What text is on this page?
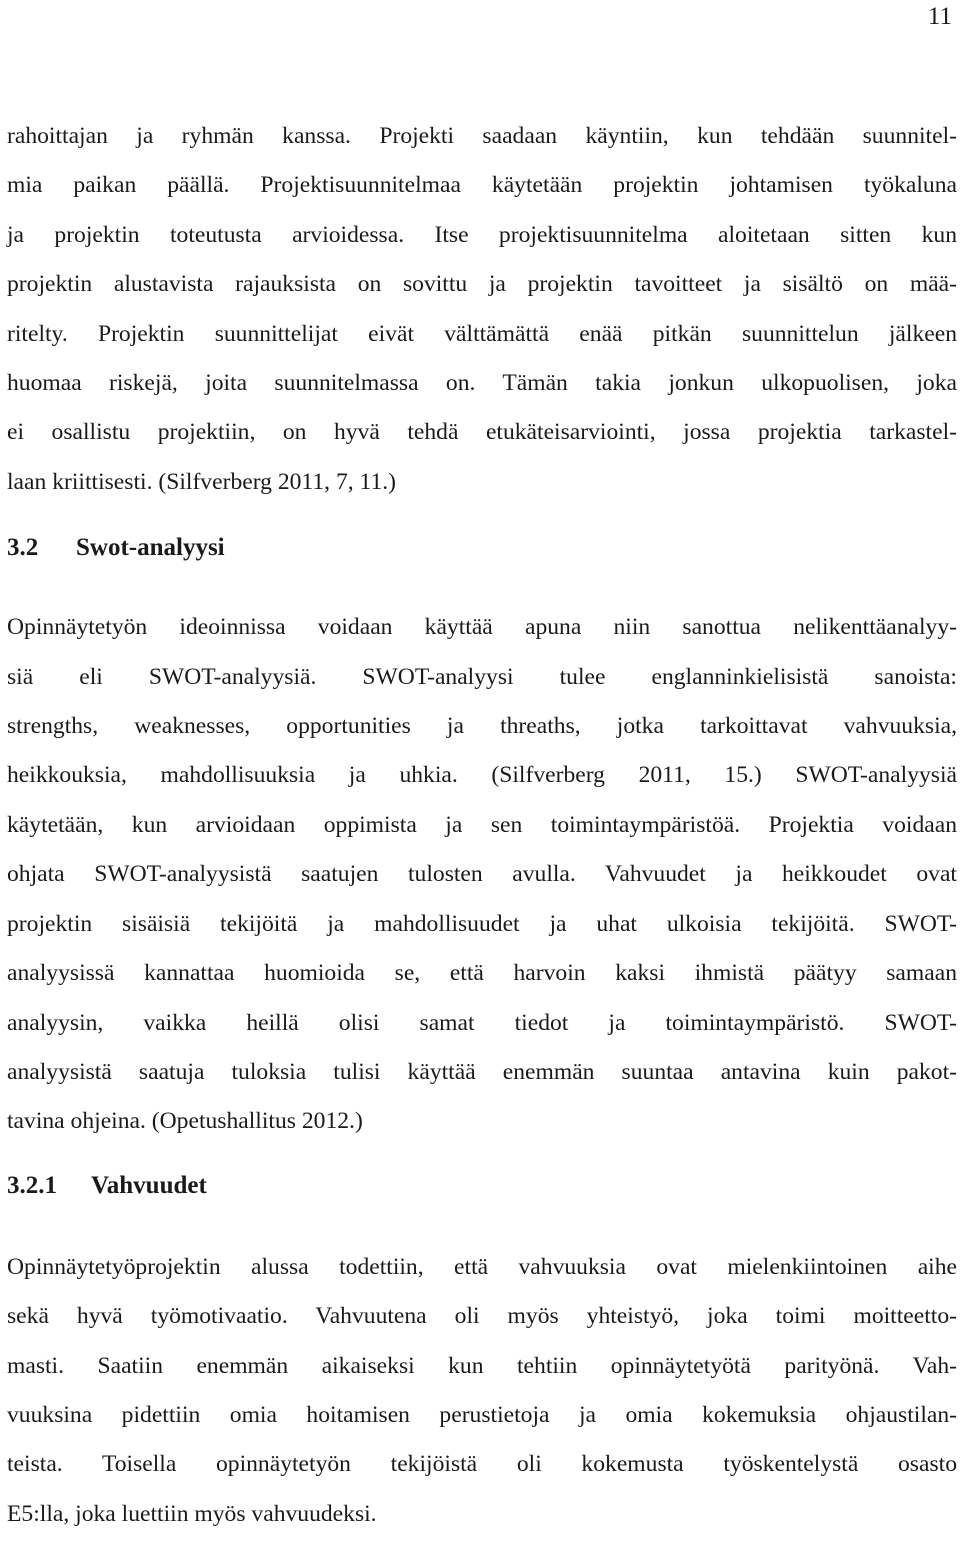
11

rahoittajan ja ryhmän kanssa. Projekti saadaan käyntiin, kun tehdään suunnitel-
mia paikan päällä. Projektisuunnitelmaa käytetään projektin johtamisen työkaluna
ja projektin toteutusta arvioidessa. Itse projektisuunnitelma aloitetaan sitten kun
projektin alustavista rajauksista on sovittu ja projektin tavoitteet ja sisältö on mää-
ritelty. Projektin suunnittelijat eivät välttämättä enää pitkän suunnittelun jälkeen
huomaa riskejä, joita suunnitelmassa on. Tämän takia jonkun ulkopuolisen, joka
ei osallistu projektiin, on hyvä tehdä etukäteisarviointi, jossa projektia tarkastel-
laan kriittisesti. (Silfverberg 2011, 7, 11.)

3.2 Swot-analyysi

Opinnäytetyön ideoinnissa voidaan käyttää apuna niin sanottua nelikenttäanalyy-
siä eli SWOT-analyysiä. SWOT-analyysi tulee englanninkielisistä sanoista:
strengths, weaknesses, opportunities ja threaths, jotka tarkoittavat vahvuuksia,
heikkouksia, mahdollisuuksia ja uhkia. (Silfverberg 2011, 15.) SWOT-analyysiä
käytetään, kun arvioidaan oppimista ja sen toimintaympäristöä. Projektia voidaan
ohjata SWOT-analyysistä saatujen tulosten avulla. Vahvuudet ja heikkoudet ovat
projektin sisäisiä tekijöitä ja mahdollisuudet ja uhat ulkoisia tekijöitä. SWOT-
analyysissä kannattaa huomioida se, että harvoin kaksi ihmistä päätyy samaan
analyysin, vaikka heillä olisi samat tiedot ja toimintaympäristö. SWOT-
analyysistä saatuja tuloksia tulisi käyttää enemmän suuntaa antavina kuin pakot-
tavina ohjeina. (Opetushallitus 2012.)

3.2.1 Vahvuudet

Opinnäytetyöprojektin alussa todettiin, että vahvuuksia ovat mielenkiintoinen aihe
sekä hyvä työmotivaatio. Vahvuutena oli myös yhteistyö, joka toimi moitteetto-
masti. Saatiin enemmän aikaiseksi kun tehtiin opinnäytetyötä parityönä. Vah-
vuuksina pidettiin omia hoitamisen perustietoja ja omia kokemuksia ohjaustilan-
teista. Toisella opinnäytetyön tekijöistä oli kokemusta työskentelystä osasto
E5:lla, joka luettiin myös vahvuudeksi.
